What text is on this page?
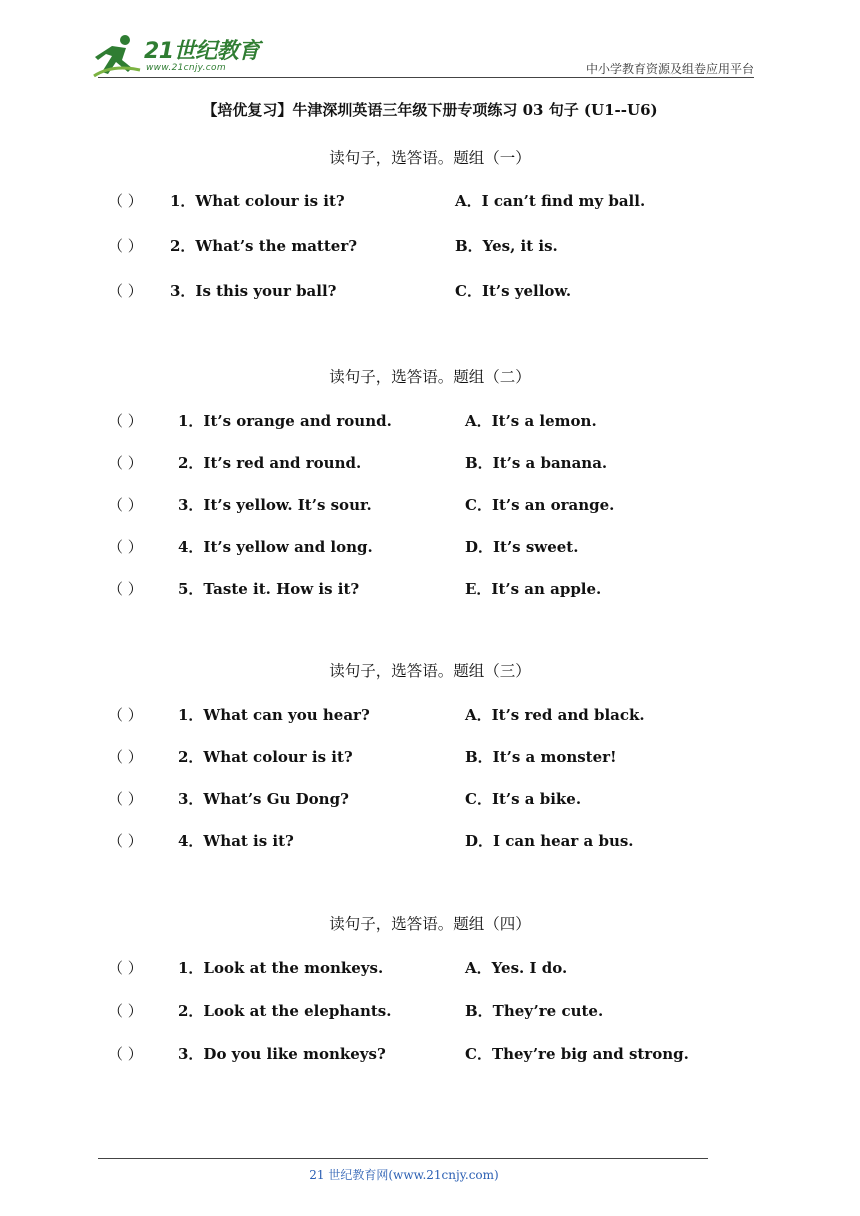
21世纪教育
www.21cnjy.com	中小学教育资源及组卷应用平台
【培优复习】牛津深圳英语三年级下册专项练习 03 句子 (U1--U6)
读句子，选答语。题组（一）
（ ） 1．What colour is it?	A．I can’t find my ball.
（ ） 2．What’s the matter?	B．Yes, it is.
（ ） 3．Is this your ball?	C．It’s yellow.
读句子，选答语。题组（二）
（ ） 1．It’s orange and round.	A．It’s a lemon.
（ ） 2．It’s red and round.	B．It’s a banana.
（ ） 3．It’s yellow. It’s sour.	C．It’s an orange.
（ ） 4．It’s yellow and long.	D．It’s sweet.
（ ） 5．Taste it. How is it?	E．It’s an apple.
读句子，选答语。题组（三）
（ ） 1．What can you hear?	A．It’s red and black.
（ ） 2．What colour is it?	B．It’s a monster!
（ ） 3．What’s Gu Dong?	C．It’s a bike.
（ ） 4．What is it?	D．I can hear a bus.
读句子，选答语。题组（四）
（ ） 1．Look at the monkeys.	A．Yes. I do.
（ ） 2．Look at the elephants.	B．They’re cute.
（ ） 3．Do you like monkeys?	C．They’re big and strong.
21 世纪教育网(www.21cnjy.com)
